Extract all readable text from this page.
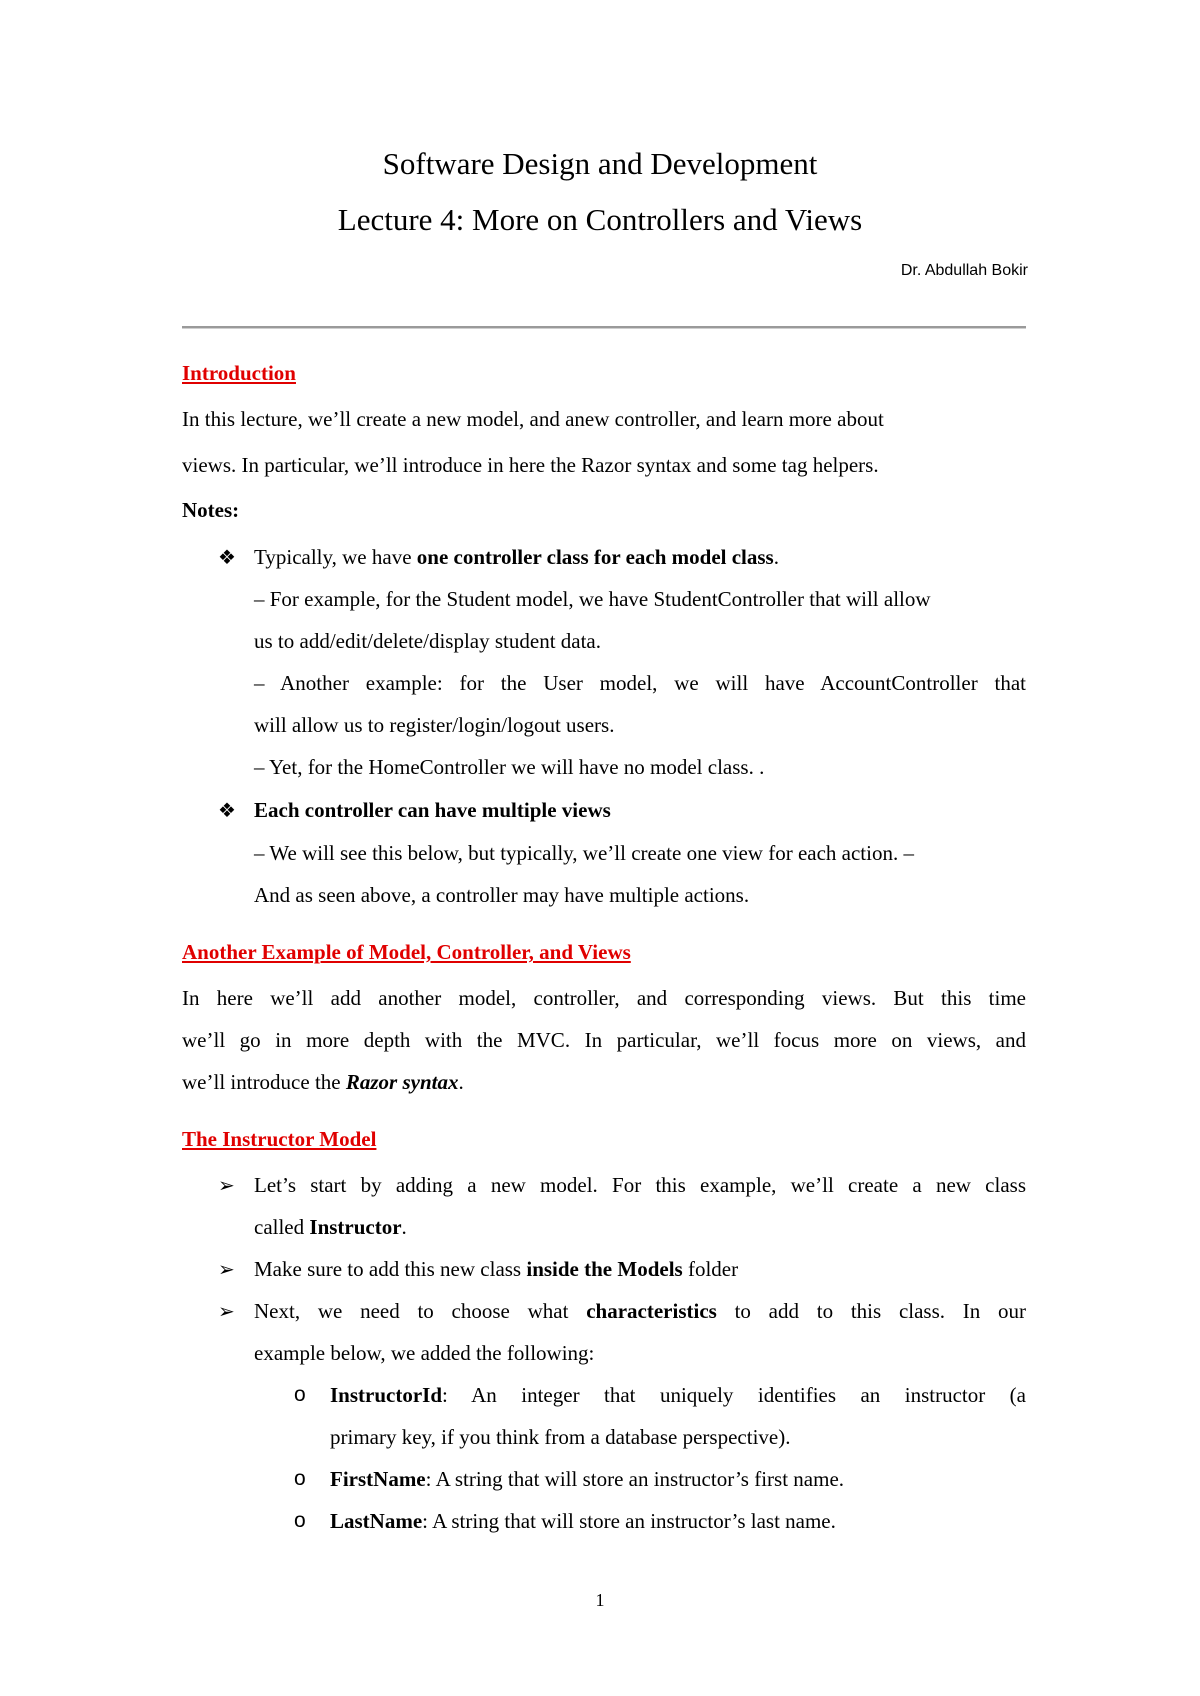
Software Design and Development
Lecture 4: More on Controllers and Views
Dr. Abdullah Bokir
Introduction
In this lecture, we’ll create a new model, and anew controller, and learn more about
views. In particular, we’ll introduce in here the Razor syntax and some tag helpers.
Notes:
❖ Typically, we have one controller class for each model class.
– For example, for the Student model, we have StudentController that will allow
us to add/edit/delete/display student data.
– Another example: for the User model, we will have AccountController that
will allow us to register/login/logout users.
– Yet, for the HomeController we will have no model class. .
❖ Each controller can have multiple views
– We will see this below, but typically, we’ll create one view for each action. –
And as seen above, a controller may have multiple actions.
Another Example of Model, Controller, and Views
In here we’ll add another model, controller, and corresponding views. But this time
we’ll go in more depth with the MVC. In particular, we’ll focus more on views, and
we’ll introduce the Razor syntax.
The Instructor Model
➢ Let’s start by adding a new model. For this example, we’ll create a new class
called Instructor.
➢ Make sure to add this new class inside the Models folder
➢ Next, we need to choose what characteristics to add to this class. In our
example below, we added the following:
o InstructorId: An integer that uniquely identifies an instructor (a
primary key, if you think from a database perspective).
o FirstName: A string that will store an instructor’s first name.
o LastName: A string that will store an instructor’s last name.
1
